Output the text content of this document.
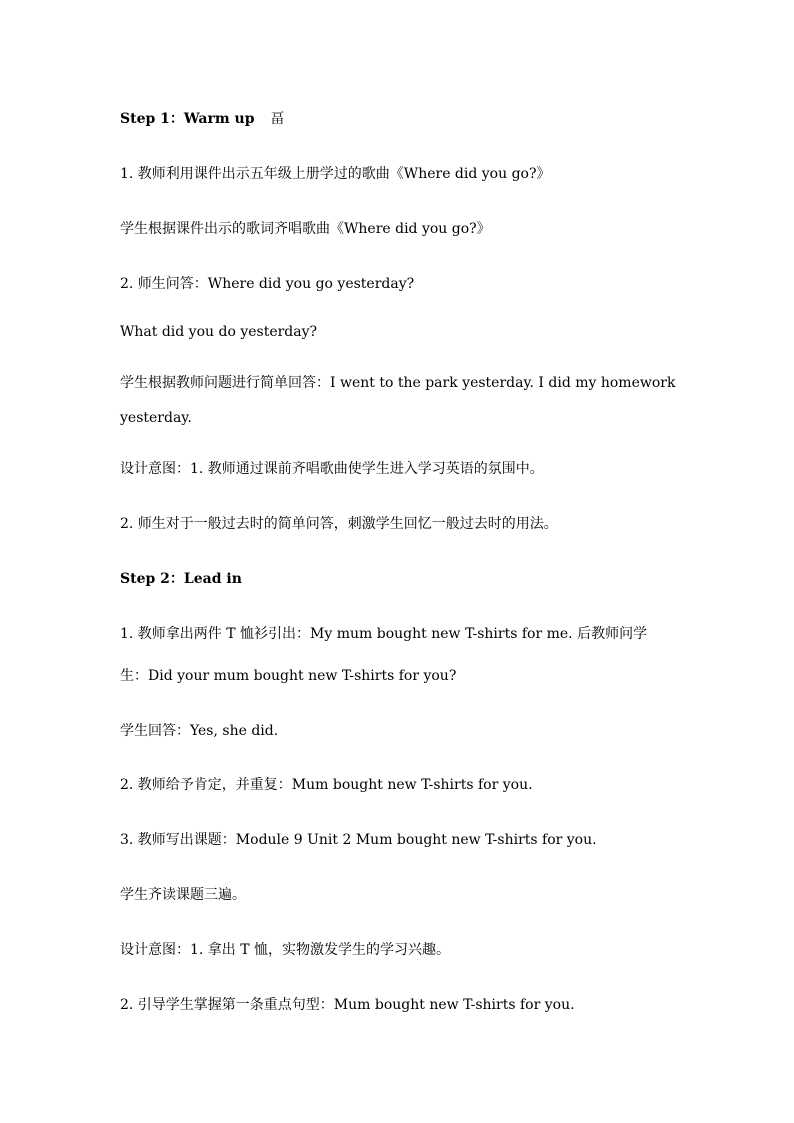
Step 1：Warm up 畐
1. 教师利用课件出示五年级上册学过的歌曲《Where did you go?》
学生根据课件出示的歌词齐唱歌曲《Where did you go?》
2. 师生问答：Where did you go yesterday?
What did you do yesterday?
学生根据教师问题进行简单回答：I went to the park yesterday. I did my homework
yesterday.
设计意图：1. 教师通过课前齐唱歌曲使学生进入学习英语的氛围中。
2. 师生对于一般过去时的简单问答，刺激学生回忆一般过去时的用法。
Step 2：Lead in
1. 教师拿出两件 T 恤衫引出：My mum bought new T-shirts for me. 后教师问学
生：Did your mum bought new T-shirts for you?
学生回答：Yes, she did.
2. 教师给予肯定，并重复：Mum bought new T-shirts for you.
3. 教师写出课题：Module 9 Unit 2 Mum bought new T-shirts for you.
学生齐读课题三遍。
设计意图：1. 拿出 T 恤，实物激发学生的学习兴趣。
2. 引导学生掌握第一条重点句型：Mum bought new T-shirts for you.
